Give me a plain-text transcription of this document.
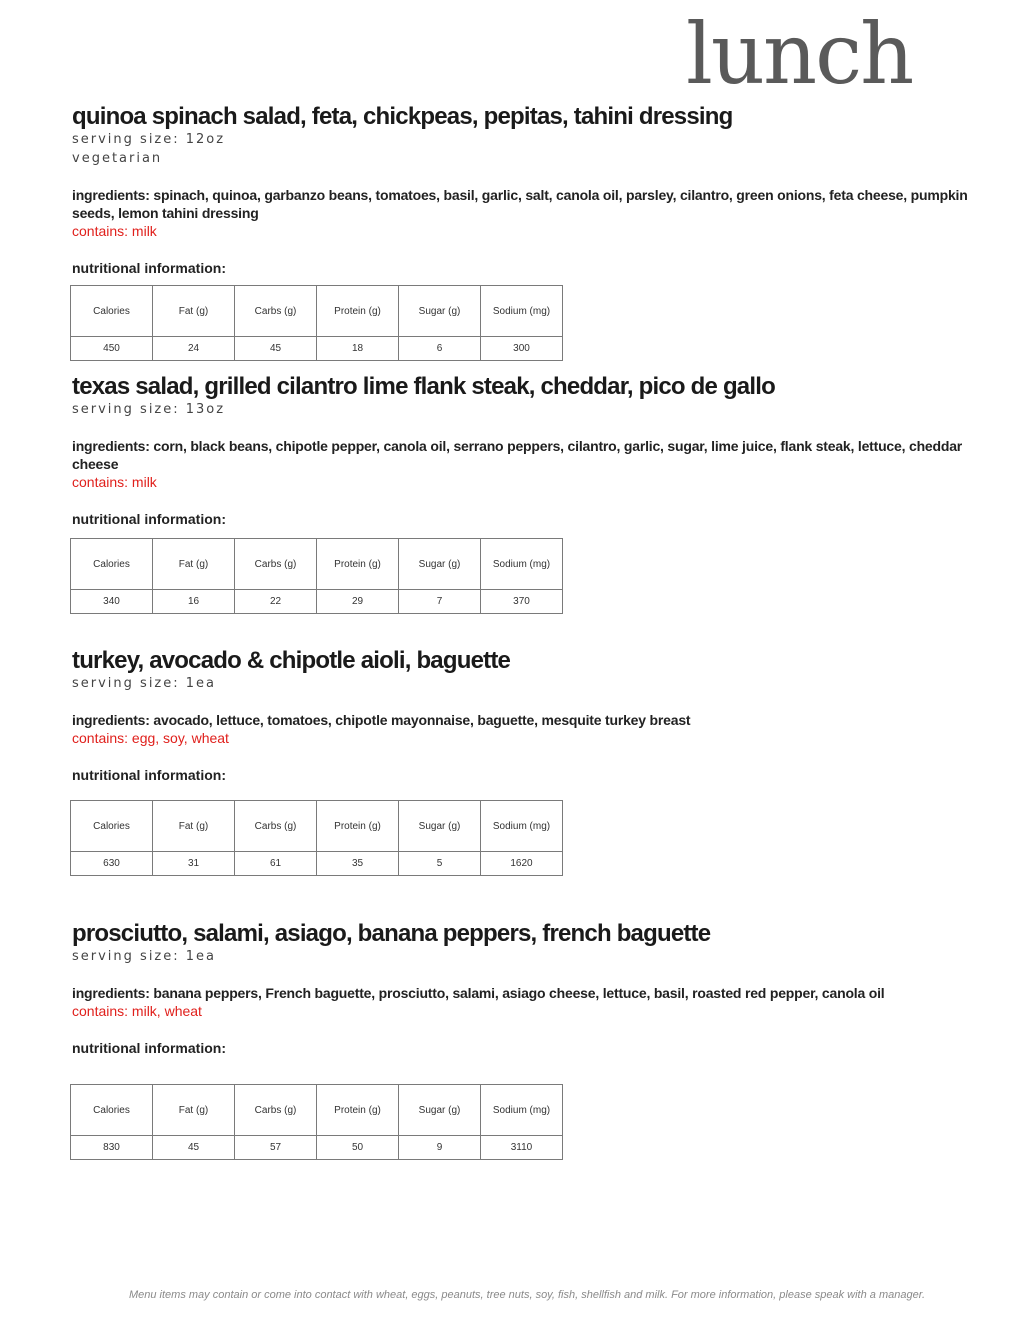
lunch
quinoa spinach salad, feta, chickpeas, pepitas, tahini dressing
serving size: 12oz
vegetarian
ingredients: spinach, quinoa, garbanzo beans, tomatoes, basil, garlic, salt, canola oil, parsley, cilantro, green onions, feta cheese, pumpkin seeds, lemon tahini dressing
contains: milk
nutritional information:
Calories	Fat (g)	Carbs (g)	Protein (g)	Sugar (g)	Sodium (mg)
450	24	45	18	6	300
texas salad, grilled cilantro lime flank steak, cheddar, pico de gallo
serving size: 13oz
ingredients: corn, black beans, chipotle pepper, canola oil, serrano peppers, cilantro, garlic, sugar, lime juice, flank steak, lettuce, cheddar cheese
contains: milk
nutritional information:
Calories	Fat (g)	Carbs (g)	Protein (g)	Sugar (g)	Sodium (mg)
340	16	22	29	7	370
turkey, avocado & chipotle aioli, baguette
serving size: 1ea
ingredients: avocado, lettuce, tomatoes, chipotle mayonnaise, baguette, mesquite turkey breast
contains: egg, soy, wheat
nutritional information:
Calories	Fat (g)	Carbs (g)	Protein (g)	Sugar (g)	Sodium (mg)
630	31	61	35	5	1620
prosciutto, salami, asiago, banana peppers, french baguette
serving size: 1ea
ingredients: banana peppers, French baguette, prosciutto, salami, asiago cheese, lettuce, basil, roasted red pepper, canola oil
contains: milk, wheat
nutritional information:
Calories	Fat (g)	Carbs (g)	Protein (g)	Sugar (g)	Sodium (mg)
830	45	57	50	9	3110
Menu items may contain or come into contact with wheat, eggs, peanuts, tree nuts, soy, fish, shellfish and milk. For more information, please speak with a manager.
